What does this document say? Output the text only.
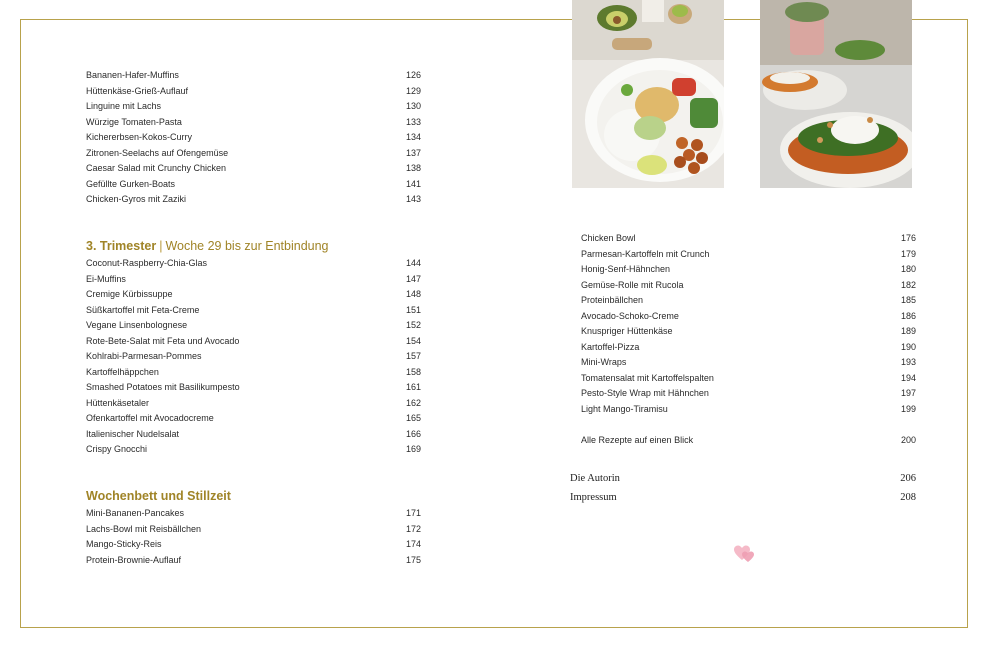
Bananen-Hafer-Muffins	126
Hüttenkäse-Grieß-Auflauf	129
Linguine mit Lachs	130
Würzige Tomaten-Pasta	133
Kichererbsen-Kokos-Curry	134
Zitronen-Seelachs auf Ofengemüse	137
Caesar Salad mit Crunchy Chicken	138
Gefüllte Gurken-Boats	141
Chicken-Gyros mit Zaziki	143
3. Trimester | Woche 29 bis zur Entbindung
Coconut-Raspberry-Chia-Glas	144
Ei-Muffins	147
Cremige Kürbissuppe	148
Süßkartoffel mit Feta-Creme	151
Vegane Linsenbolognese	152
Rote-Bete-Salat mit Feta und Avocado	154
Kohlrabi-Parmesan-Pommes	157
Kartoffelhäppchen	158
Smashed Potatoes mit Basilikumpesto	161
Hüttenkäsetaler	162
Ofenkartoffel mit Avocadocreme	165
Italienischer Nudelsalat	166
Crispy Gnocchi	169
Wochenbett und Stillzeit
Mini-Bananen-Pancakes	171
Lachs-Bowl mit Reisbällchen	172
Mango-Sticky-Reis	174
Protein-Brownie-Auflauf	175
Chicken Bowl	176
Parmesan-Kartoffeln mit Crunch	179
Honig-Senf-Hähnchen	180
Gemüse-Rolle mit Rucola	182
Proteinbällchen	185
Avocado-Schoko-Creme	186
Knuspriger Hüttenkäse	189
Kartoffel-Pizza	190
Mini-Wraps	193
Tomatensalat mit Kartoffelspalten	194
Pesto-Style Wrap mit Hähnchen	197
Light Mango-Tiramisu	199
Alle Rezepte auf einen Blick	200
Die Autorin	206
Impressum	208
